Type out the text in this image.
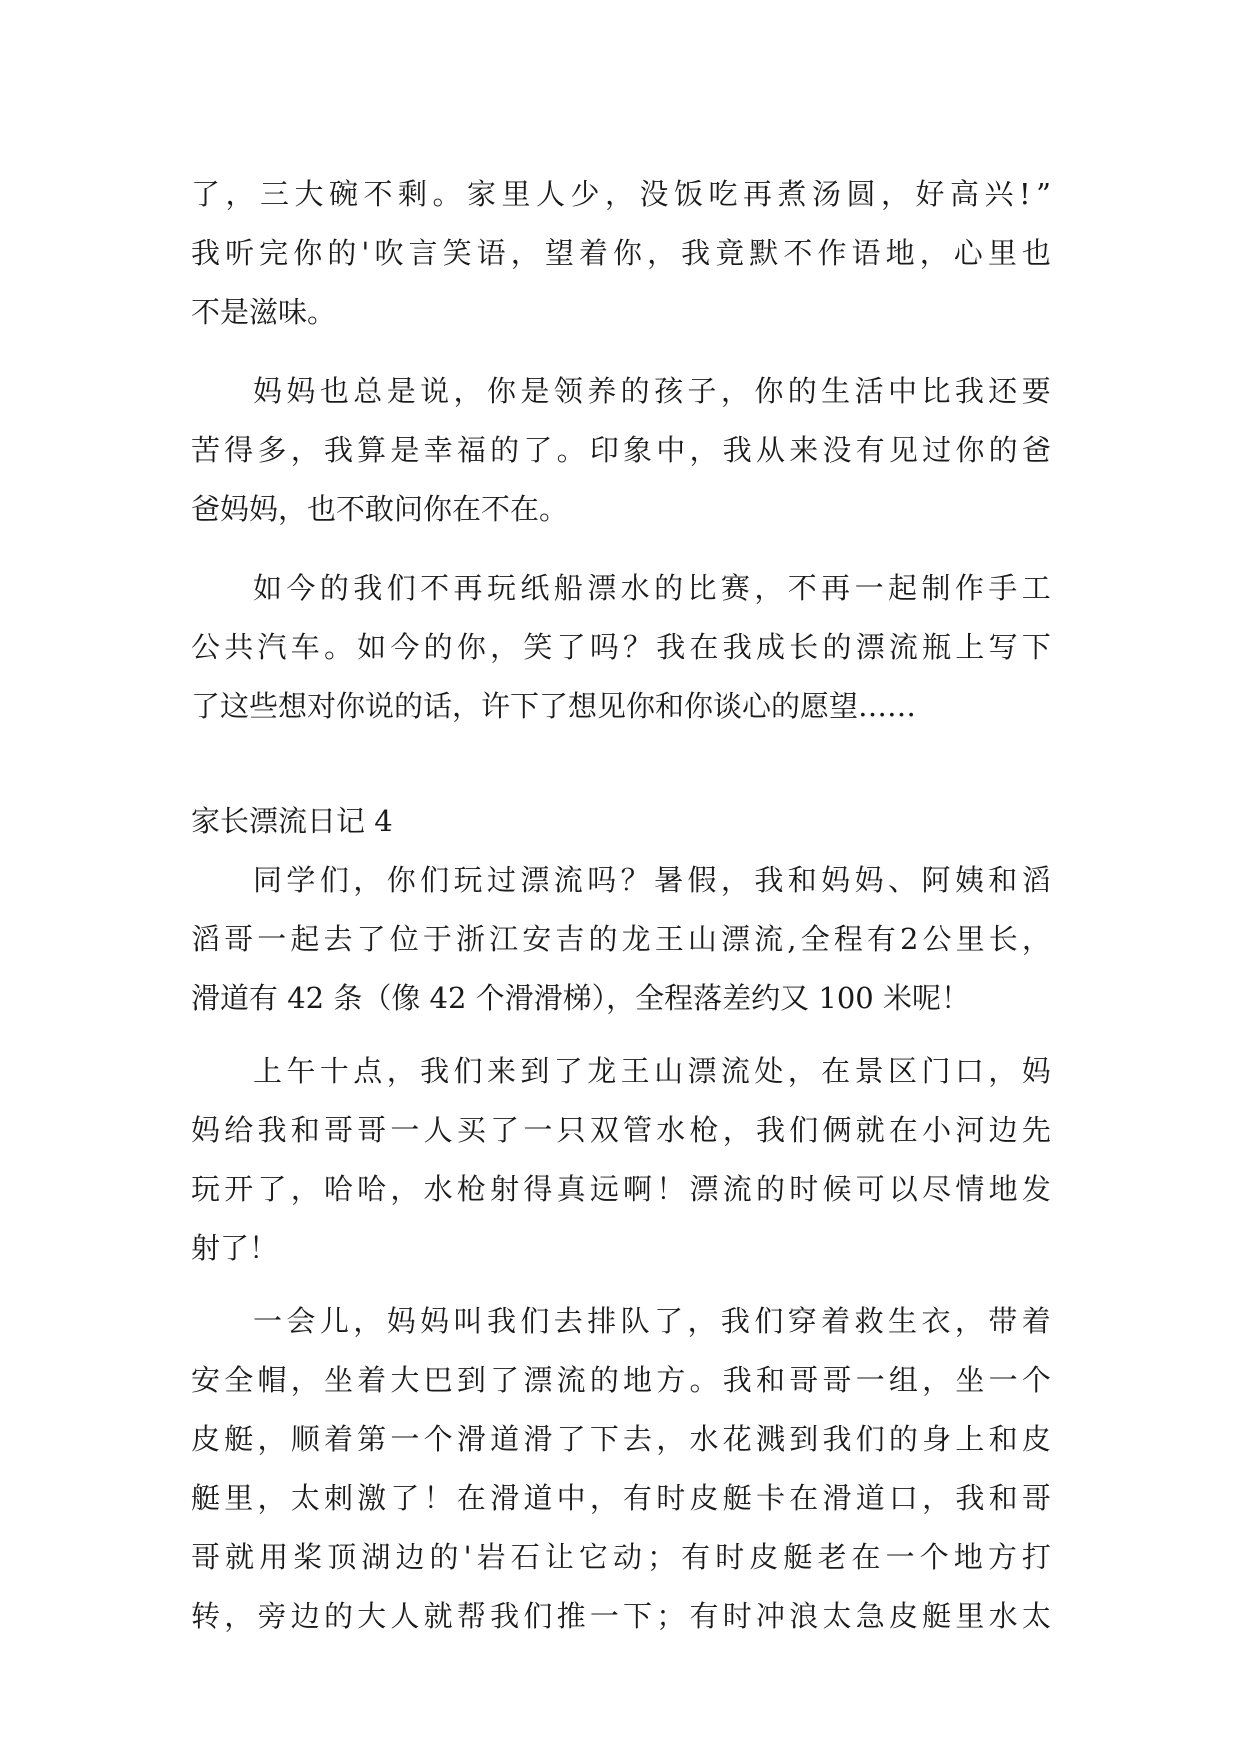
了 ， 三 大 碗 不 剩 。 家 里 人 少 ， 没 饭 吃 再 煮 汤 圆 ， 好 高 兴 ! ”
我 听 完 你 的 ' 吹 言 笑 语 ， 望 着 你 ， 我 竟 默 不 作 语 地 ， 心 里 也
不是滋味。
妈 妈 也 总 是 说 ， 你 是 领 养 的 孩 子 ， 你 的 生 活 中 比 我 还 要
苦 得 多 ， 我 算 是 幸 福 的 了 。 印 象 中 ， 我 从 来 没 有 见 过 你 的 爸
爸妈妈，也不敢问你在不在。
如 今 的 我 们 不 再 玩 纸 船 漂 水 的 比 赛 ， 不 再 一 起 制 作 手 工
公 共 汽 车 。 如 今 的 你 ， 笑 了 吗 ？ 我 在 我 成 长 的 漂 流 瓶 上 写 下
了这些想对你说的话，许下了想见你和你谈心的愿望……
家长漂流日记 4
同 学 们 ， 你 们 玩 过 漂 流 吗 ？ 暑 假 ， 我 和 妈 妈 、 阿 姨 和 滔
滔 哥 一 起 去 了 位 于 浙 江 安 吉 的 龙 王 山 漂 流 , 全 程 有 2 公 里 长 ，
滑道有 42 条（像 42 个滑滑梯），全程落差约又 100 米呢！
上 午 十 点 ， 我 们 来 到 了 龙 王 山 漂 流 处 ， 在 景 区 门 口 ， 妈
妈 给 我 和 哥 哥 一 人 买 了 一 只 双 管 水 枪 ， 我 们 俩 就 在 小 河 边 先
玩 开 了 ， 哈 哈 ， 水 枪 射 得 真 远 啊 ！ 漂 流 的 时 候 可 以 尽 情 地 发
射了！
一 会 儿 ， 妈 妈 叫 我 们 去 排 队 了 ， 我 们 穿 着 救 生 衣 ， 带 着
安 全 帽 ， 坐 着 大 巴 到 了 漂 流 的 地 方 。 我 和 哥 哥 一 组 ， 坐 一 个
皮 艇 ， 顺 着 第 一 个 滑 道 滑 了 下 去 ， 水 花 溅 到 我 们 的 身 上 和 皮
艇 里 ， 太 刺 激 了 ！ 在 滑 道 中 ， 有 时 皮 艇 卡 在 滑 道 口 ， 我 和 哥
哥 就 用 桨 顶 湖 边 的 ' 岩 石 让 它 动 ； 有 时 皮 艇 老 在 一 个 地 方 打
转 ， 旁 边 的 大 人 就 帮 我 们 推 一 下 ； 有 时 冲 浪 太 急 皮 艇 里 水 太
